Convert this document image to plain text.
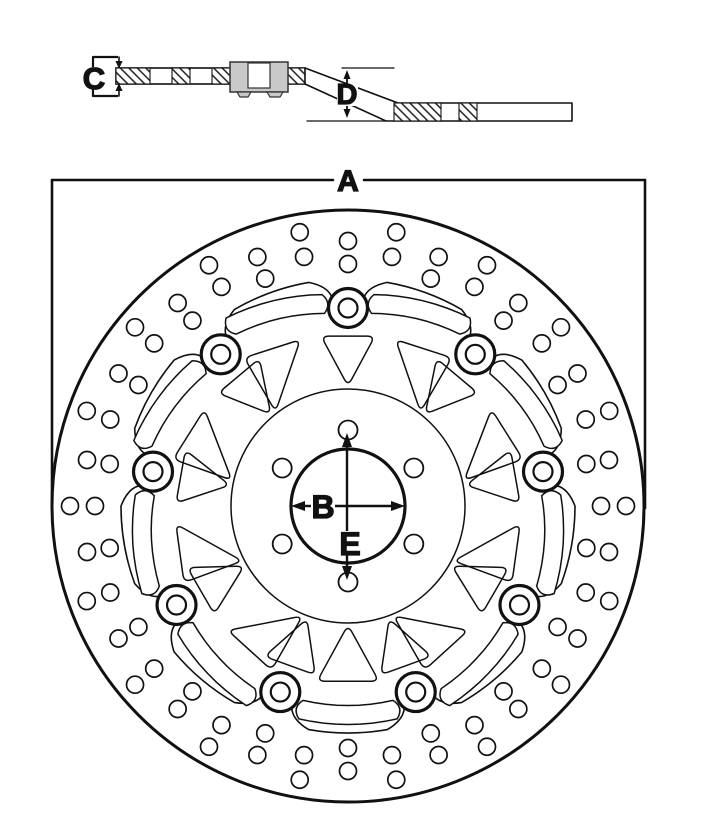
A
B
C	D
E
